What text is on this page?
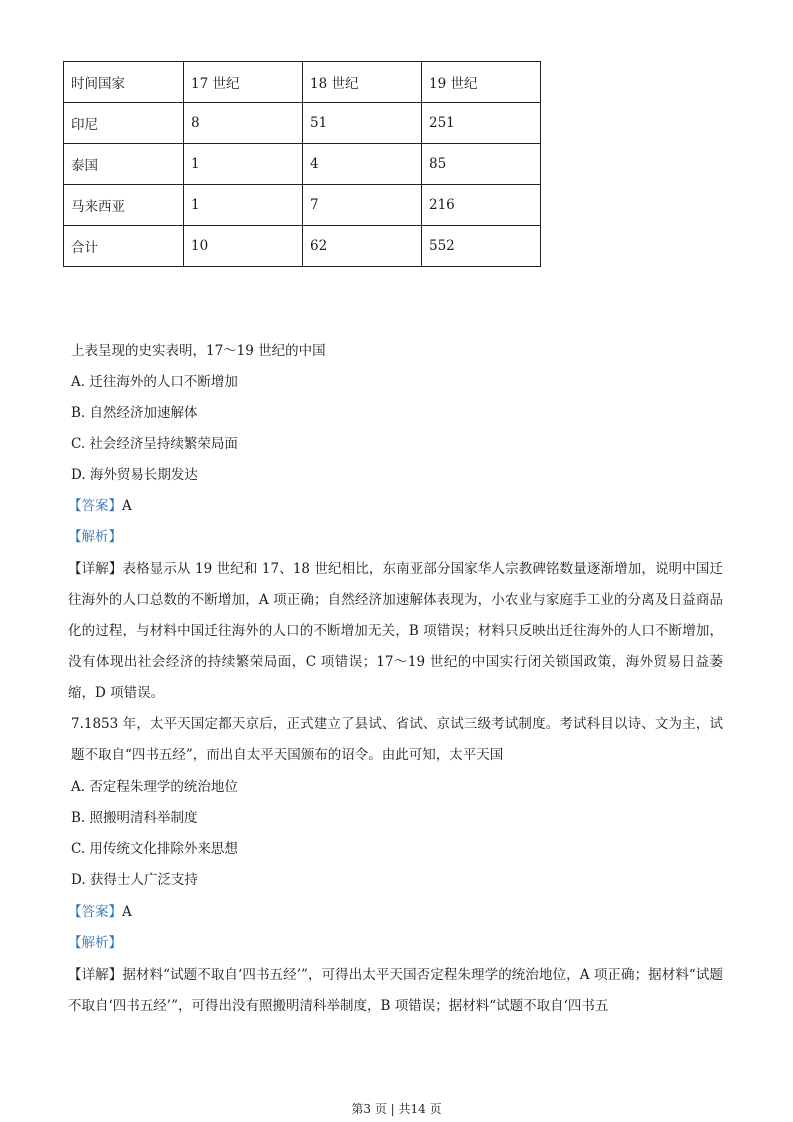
时间国家	17 世纪	18 世纪	19 世纪
印尼	8	51	251
泰国	1	4	85
马来西亚	1	7	216
合计	10	62	552
上表呈现的史实表明，17～19 世纪的中国
A. 迁往海外的人口不断增加
B. 自然经济加速解体
C. 社会经济呈持续繁荣局面
D. 海外贸易长期发达
【答案】A
【解析】
【详解】表格显示从 19 世纪和 17、18 世纪相比，东南亚部分国家华人宗教碑铭数量逐渐增加，说明中国迁往海外的人口总数的不断增加，A 项正确；自然经济加速解体表现为，小农业与家庭手工业的分离及日益商品化的过程，与材料中国迁往海外的人口的不断增加无关，B 项错误；材料只反映出迁往海外的人口不断增加，没有体现出社会经济的持续繁荣局面，C 项错误；17～19 世纪的中国实行闭关锁国政策，海外贸易日益萎缩，D 项错误。
7.1853 年，太平天国定都天京后，正式建立了县试、省试、京试三级考试制度。考试科目以诗、文为主，试题不取自“四书五经”，而出自太平天国颁布的诏令。由此可知，太平天国
A. 否定程朱理学的统治地位
B. 照搬明清科举制度
C. 用传统文化排除外来思想
D. 获得士人广泛支持
【答案】A
【解析】
【详解】据材料“试题不取自‘四书五经’”，可得出太平天国否定程朱理学的统治地位，A 项正确；据材料“试题不取自‘四书五经’”，可得出没有照搬明清科举制度，B 项错误；据材料“试题不取自‘四书五
第3 页 | 共14 页
